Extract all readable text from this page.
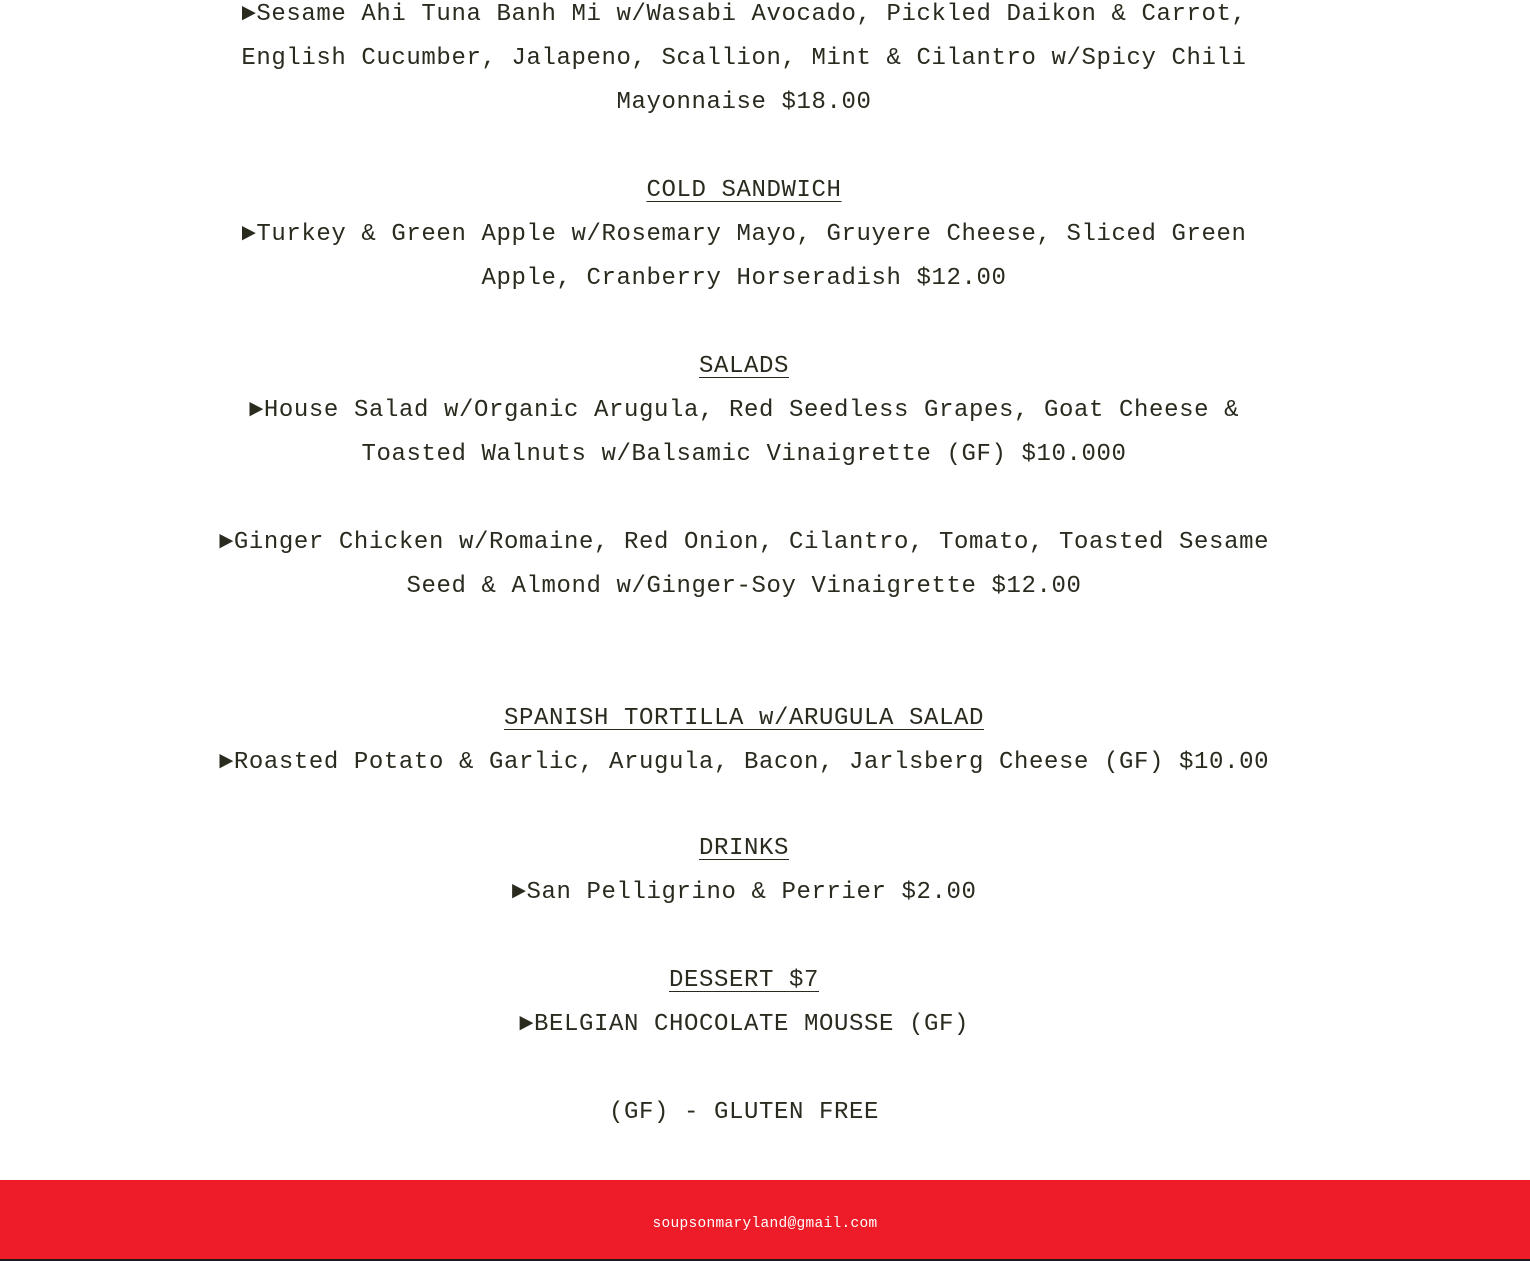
►Sesame Ahi Tuna Banh Mi w/Wasabi Avocado, Pickled Daikon & Carrot,
English Cucumber, Jalapeno, Scallion, Mint & Cilantro w/Spicy Chili
Mayonnaise $18.00
COLD SANDWICH
►Turkey & Green Apple w/Rosemary Mayo, Gruyere Cheese, Sliced Green
Apple, Cranberry Horseradish $12.00
SALADS
►House Salad w/Organic Arugula, Red Seedless Grapes, Goat Cheese &
Toasted Walnuts w/Balsamic Vinaigrette (GF) $10.000
►Ginger Chicken w/Romaine, Red Onion, Cilantro, Tomato, Toasted Sesame
Seed & Almond w/Ginger-Soy Vinaigrette $12.00
SPANISH TORTILLA w/ARUGULA SALAD
►Roasted Potato & Garlic, Arugula, Bacon, Jarlsberg Cheese (GF) $10.00
DRINKS
►San Pelligrino & Perrier $2.00
DESSERT $7
►BELGIAN CHOCOLATE MOUSSE (GF)
(GF) - GLUTEN FREE
soupsonmaryland@gmail.com
